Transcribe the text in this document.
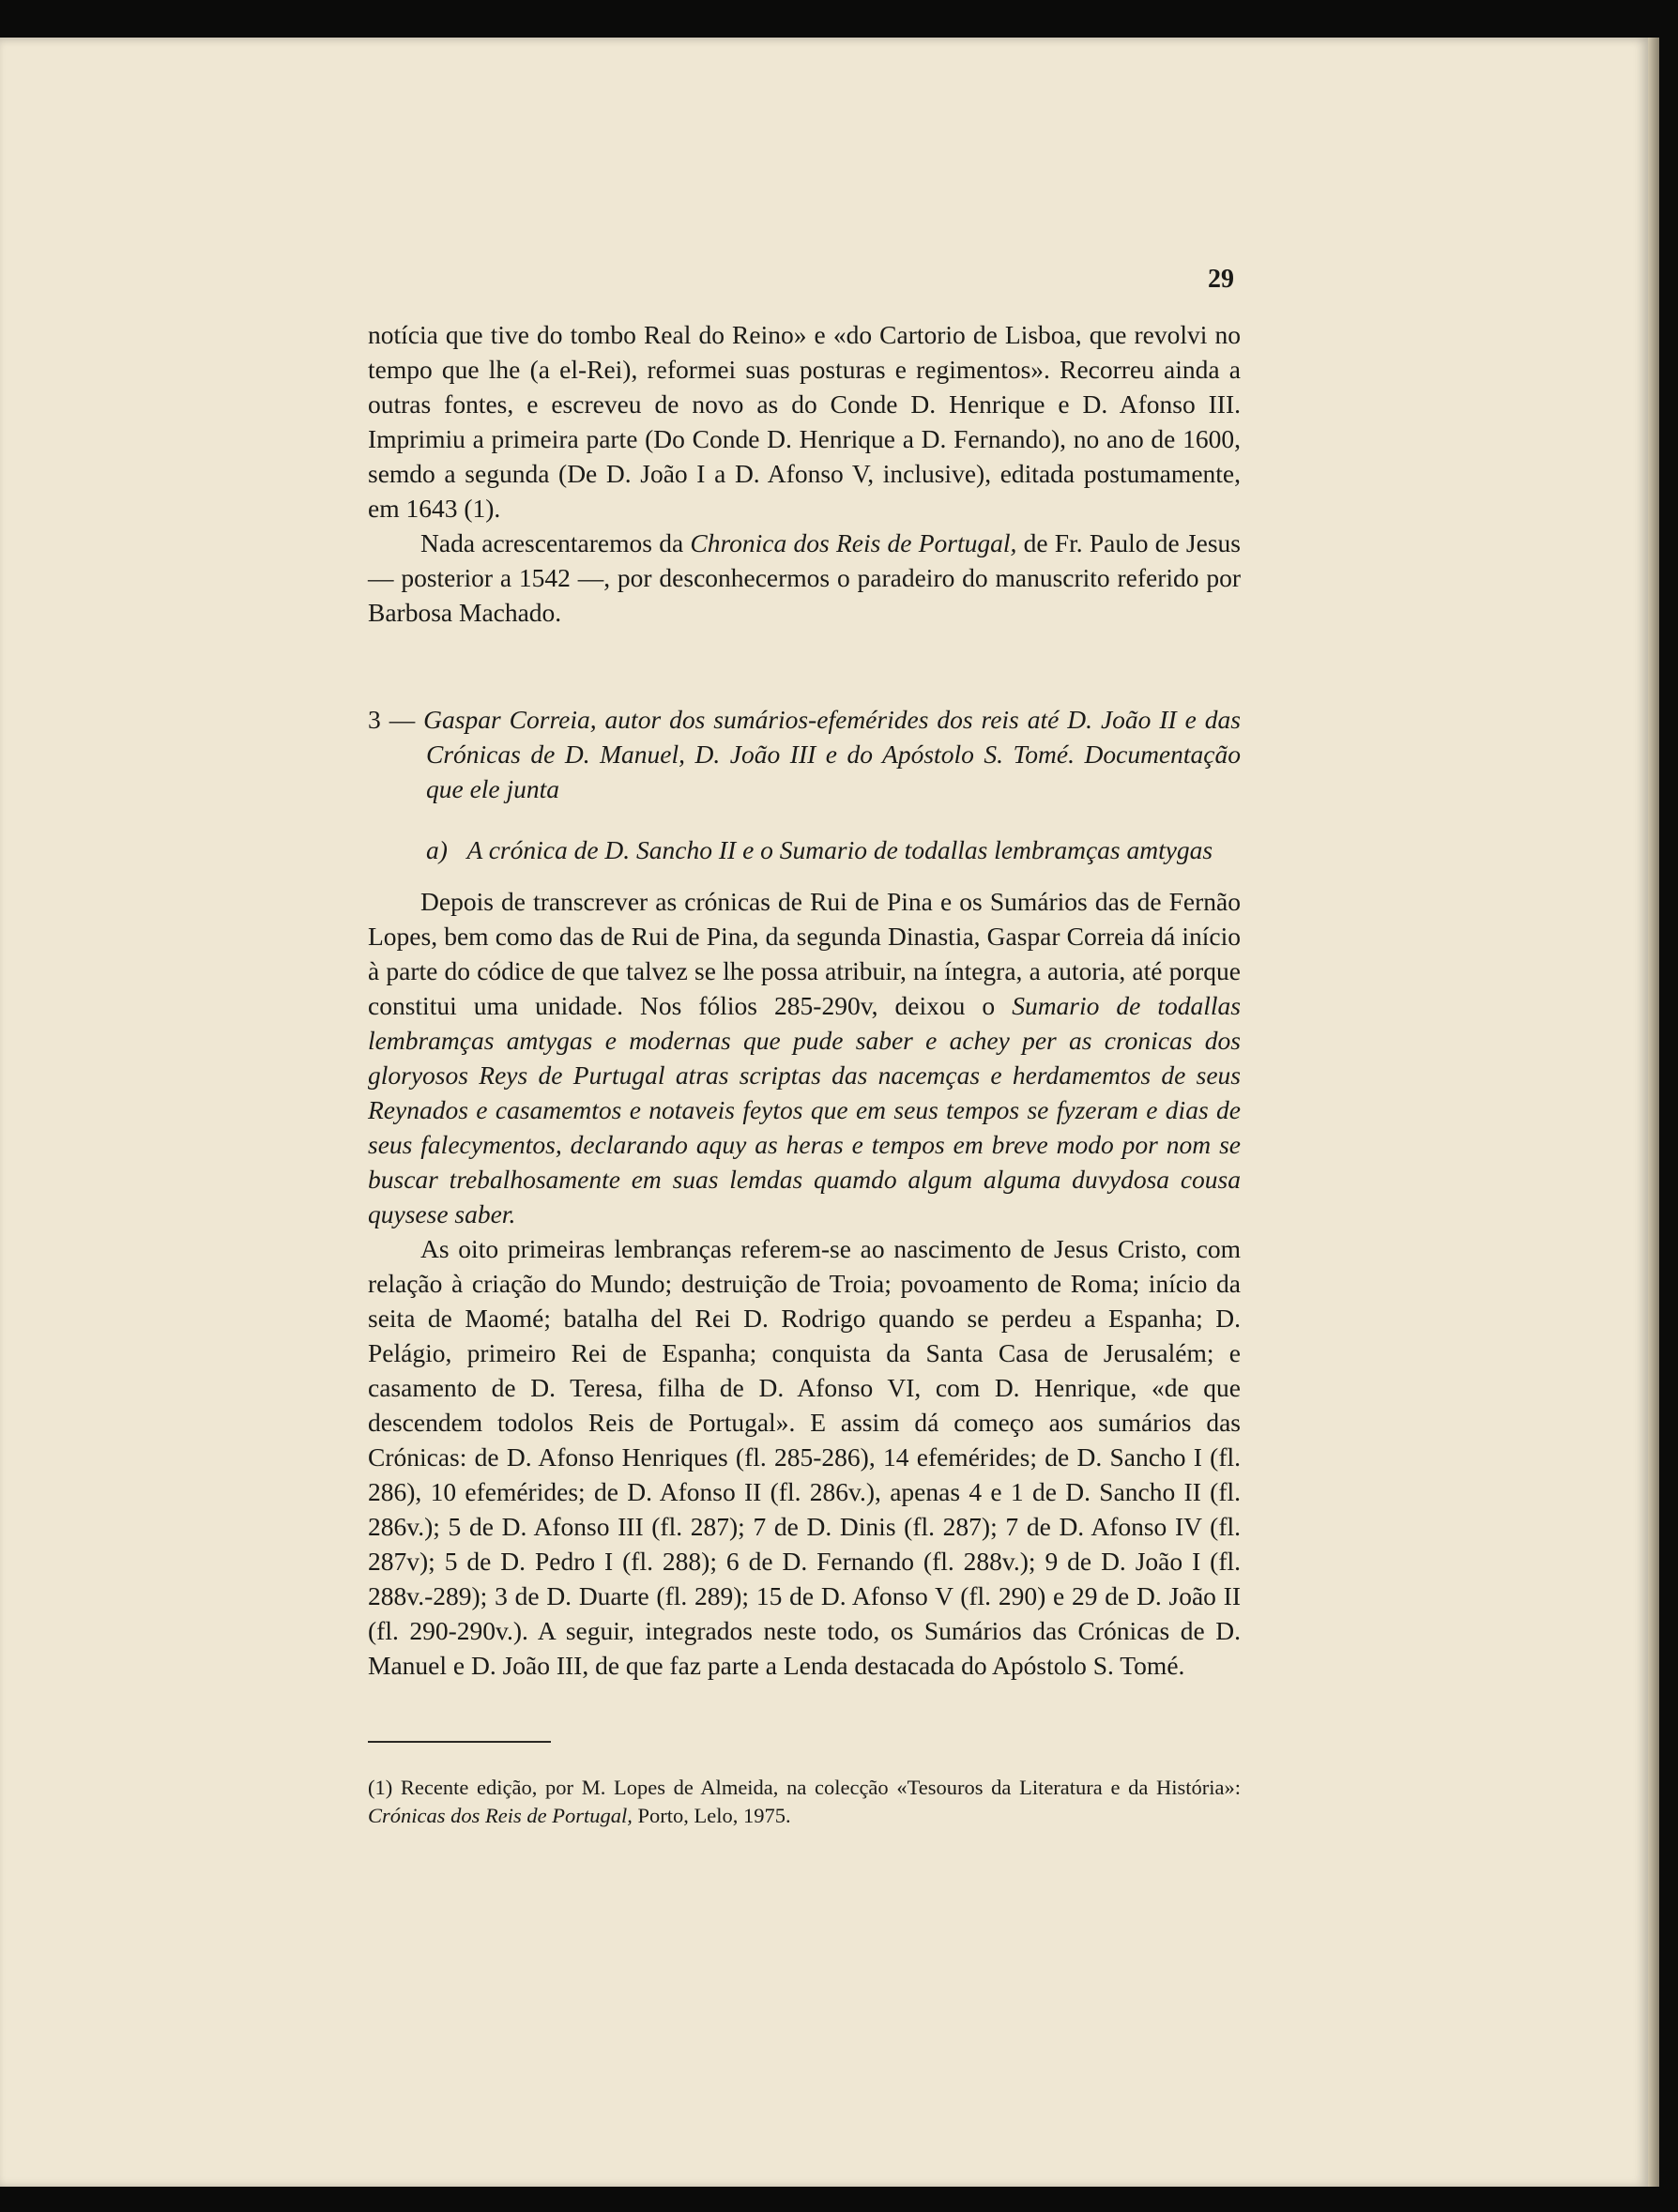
29

notícia que tive do tombo Real do Reino» e «do Cartorio de Lisboa, que revolvi no tempo que lhe (a el-Rei), reformei suas posturas e regimentos». Recorreu ainda a outras fontes, e escreveu de novo as do Conde D. Henrique e D. Afonso III. Imprimiu a primeira parte (Do Conde D. Henrique a D. Fernando), no ano de 1600, semdo a segunda (De D. João I a D. Afonso V, inclusive), editada postumamente, em 1643 (1).

Nada acrescentaremos da Chronica dos Reis de Portugal, de Fr. Paulo de Jesus — posterior a 1542 —, por desconhecermos o paradeiro do manuscrito referido por Barbosa Machado.

3 — Gaspar Correia, autor dos sumários-efemérides dos reis até D. João II e das Crónicas de D. Manuel, D. João III e do Apóstolo S. Tomé. Documentação que ele junta

a) A crónica de D. Sancho II e o Sumario de todallas lembramças amtygas

Depois de transcrever as crónicas de Rui de Pina e os Sumários das de Fernão Lopes, bem como das de Rui de Pina, da segunda Dinastia, Gaspar Correia dá início à parte do códice de que talvez se lhe possa atribuir, na íntegra, a autoria, até porque constitui uma unidade. Nos fólios 285-290v, deixou o Sumario de todallas lembramças amtygas e modernas que pude saber e achey per as cronicas dos gloryosos Reys de Purtugal atras scriptas das nacemças e herdamemtos de seus Reynados e casamemtos e notaveis feytos que em seus tempos se fyzeram e dias de seus falecymentos, declarando aquy as heras e tempos em breve modo por nom se buscar trebalhosamente em suas lemdas quamdo algum alguma duvydosa cousa quysese saber.

As oito primeiras lembranças referem-se ao nascimento de Jesus Cristo, com relação à criação do Mundo; destruição de Troia; povoamento de Roma; início da seita de Maomé; batalha del Rei D. Rodrigo quando se perdeu a Espanha; D. Pelágio, primeiro Rei de Espanha; conquista da Santa Casa de Jerusalém; e casamento de D. Teresa, filha de D. Afonso VI, com D. Henrique, «de que descendem todolos Reis de Portugal». E assim dá começo aos sumários das Crónicas: de D. Afonso Henriques (fl. 285-286), 14 efemérides; de D. Sancho I (fl. 286), 10 efemérides; de D. Afonso II (fl. 286v.), apenas 4 e 1 de D. Sancho II (fl. 286v.); 5 de D. Afonso III (fl. 287); 7 de D. Dinis (fl. 287); 7 de D. Afonso IV (fl. 287v); 5 de D. Pedro I (fl. 288); 6 de D. Fernando (fl. 288v.); 9 de D. João I (fl. 288v.-289); 3 de D. Duarte (fl. 289); 15 de D. Afonso V (fl. 290) e 29 de D. João II (fl. 290-290v.). A seguir, integrados neste todo, os Sumários das Crónicas de D. Manuel e D. João III, de que faz parte a Lenda destacada do Apóstolo S. Tomé.

(1) Recente edição, por M. Lopes de Almeida, na colecção «Tesouros da Literatura e da História»: Crónicas dos Reis de Portugal, Porto, Lelo, 1975.
